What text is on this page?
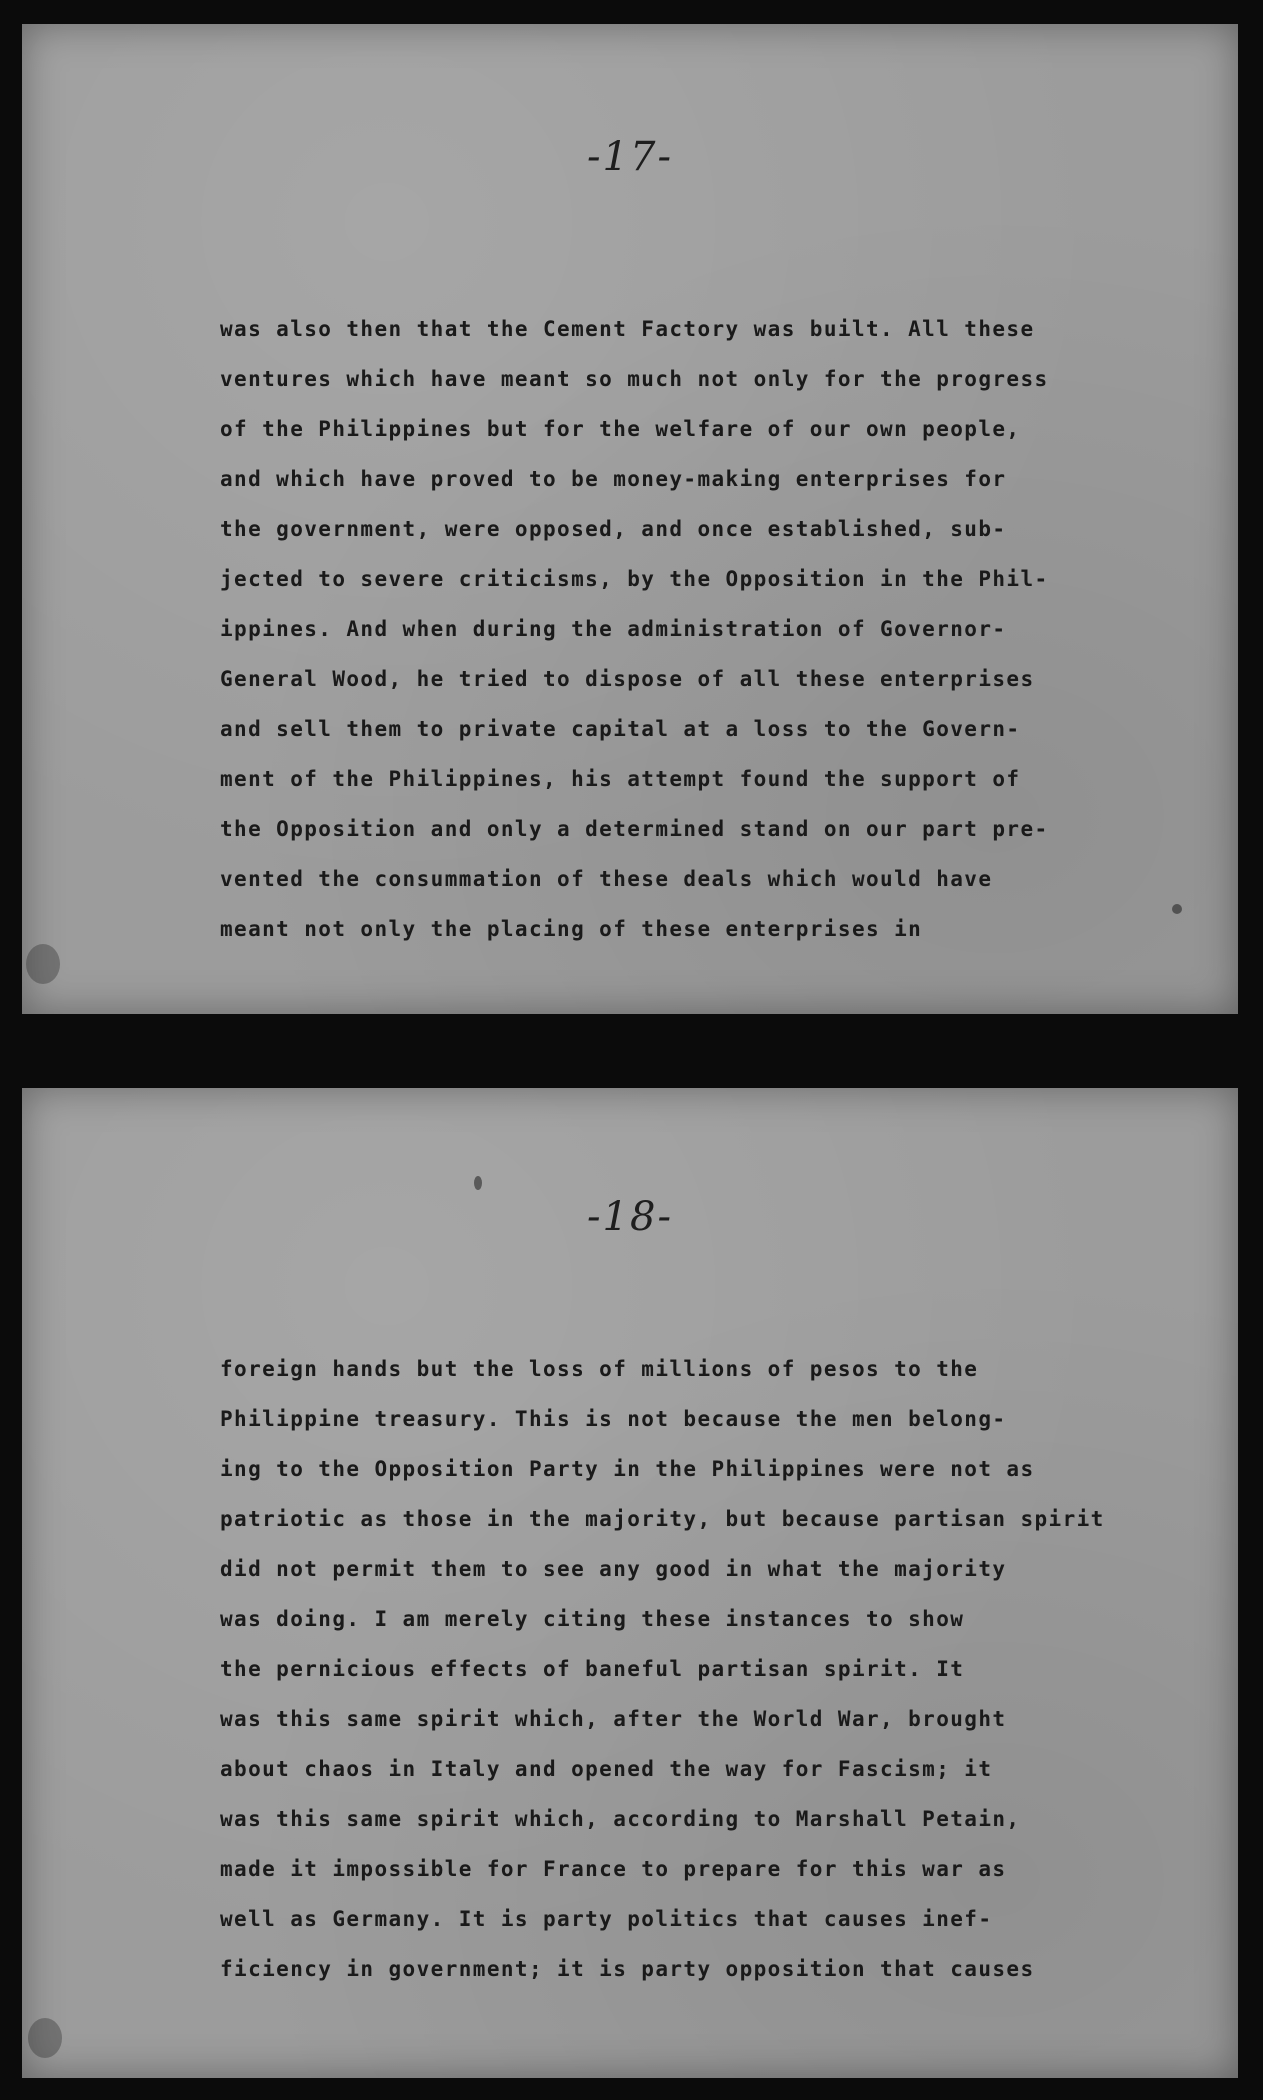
-17-
was also then that the Cement Factory was built. All these
ventures which have meant so much not only for the progress
of the Philippines but for the welfare of our own people,
and which have proved to be money-making enterprises for
the government, were opposed, and once established, sub-
jected to severe criticisms, by the Opposition in the Phil-
ippines. And when during the administration of Governor-
General Wood, he tried to dispose of all these enterprises
and sell them to private capital at a loss to the Govern-
ment of the Philippines, his attempt found the support of
the Opposition and only a determined stand on our part pre-
vented the consummation of these deals which would have
meant not only the placing of these enterprises in
-18-
foreign hands but the loss of millions of pesos to the
Philippine treasury. This is not because the men belong-
ing to the Opposition Party in the Philippines were not as
patriotic as those in the majority, but because partisan spirit
did not permit them to see any good in what the majority
was doing. I am merely citing these instances to show
the pernicious effects of baneful partisan spirit. It
was this same spirit which, after the World War, brought
about chaos in Italy and opened the way for Fascism; it
was this same spirit which, according to Marshall Petain,
made it impossible for France to prepare for this war as
well as Germany. It is party politics that causes inef-
ficiency in government; it is party opposition that causes
